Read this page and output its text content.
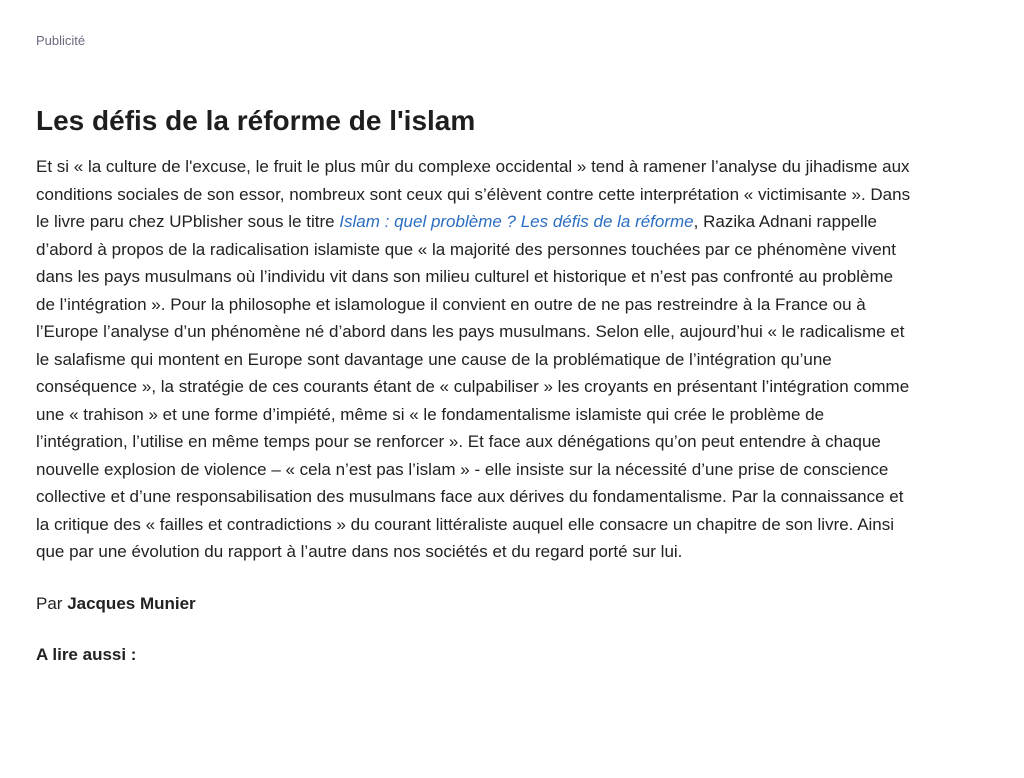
Publicité
Les défis de la réforme de l'islam

Et si « la culture de l'excuse, le fruit le plus mûr du complexe occidental » tend à ramener l’analyse du jihadisme aux conditions sociales de son essor, nombreux sont ceux qui s’élèvent contre cette interprétation « victimisante ». Dans le livre paru chez UPblisher sous le titre Islam : quel problème ? Les défis de la réforme, Razika Adnani rappelle d’abord à propos de la radicalisation islamiste que « la majorité des personnes touchées par ce phénomène vivent dans les pays musulmans où l’individu vit dans son milieu culturel et historique et n’est pas confronté au problème de l’intégration ». Pour la philosophe et islamologue il convient en outre de ne pas restreindre à la France ou à l’Europe l’analyse d’un phénomène né d’abord dans les pays musulmans. Selon elle, aujourd’hui « le radicalisme et le salafisme qui montent en Europe sont davantage une cause de la problématique de l’intégration qu’une conséquence », la stratégie de ces courants étant de « culpabiliser » les croyants en présentant l’intégration comme une « trahison » et une forme d’impiété, même si « le fondamentalisme islamiste qui crée le problème de l’intégration, l’utilise en même temps pour se renforcer ». Et face aux dénégations qu’on peut entendre à chaque nouvelle explosion de violence – « cela n’est pas l’islam » - elle insiste sur la nécessité d’une prise de conscience collective et d’une responsabilisation des musulmans face aux dérives du fondamentalisme. Par la connaissance et la critique des « failles et contradictions » du courant littéraliste auquel elle consacre un chapitre de son livre. Ainsi que par une évolution du rapport à l’autre dans nos sociétés et du regard porté sur lui.

Par Jacques Munier

A lire aussi :
